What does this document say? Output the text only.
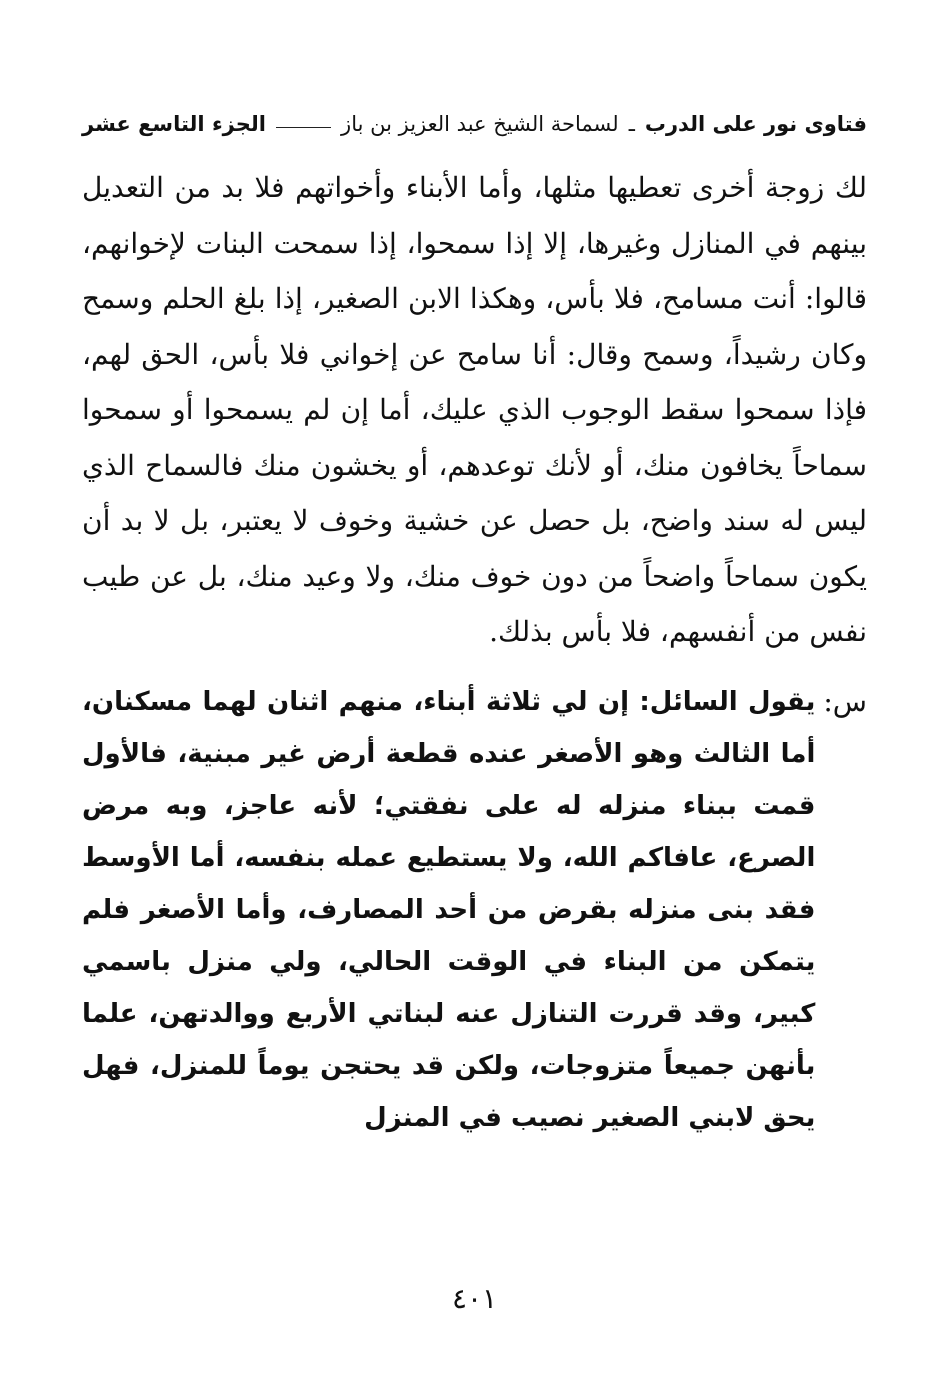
فتاوى نور على الدرب
ـ
لسماحة الشيخ عبد العزيز بن باز
الجزء التاسع عشر

لك زوجة أخرى تعطيها مثلها، وأما الأبناء وأخواتهم فلا بد من التعديل بينهم في المنازل وغيرها، إلا إذا سمحوا، إذا سمحت البنات لإخوانهم، قالوا: أنت مسامح، فلا بأس، وهكذا الابن الصغير، إذا بلغ الحلم وسمح وكان رشيداً، وسمح وقال: أنا سامح عن إخواني فلا بأس، الحق لهم، فإذا سمحوا سقط الوجوب الذي عليك، أما إن لم يسمحوا أو سمحوا سماحاً يخافون منك، أو لأنك توعدهم، أو يخشون منك فالسماح الذي ليس له سند واضح، بل حصل عن خشية وخوف لا يعتبر، بل لا بد أن يكون سماحاً واضحاً من دون خوف منك، ولا وعيد منك، بل عن طيب نفس من أنفسهم، فلا بأس بذلك.

س:
يقول السائل: إن لي ثلاثة أبناء، منهم اثنان لهما مسكنان، أما الثالث وهو الأصغر عنده قطعة أرض غير مبنية، فالأول قمت ببناء منزله له على نفقتي؛ لأنه عاجز، وبه مرض الصرع، عافاكم الله، ولا يستطيع عمله بنفسه، أما الأوسط فقد بنى منزله بقرض من أحد المصارف، وأما الأصغر فلم يتمكن من البناء في الوقت الحالي، ولي منزل باسمي كبير، وقد قررت التنازل عنه لبناتي الأربع ووالدتهن، علما بأنهن جميعاً متزوجات، ولكن قد يحتجن يوماً للمنزل، فهل يحق لابني الصغير نصيب في المنزل
٤٠١
